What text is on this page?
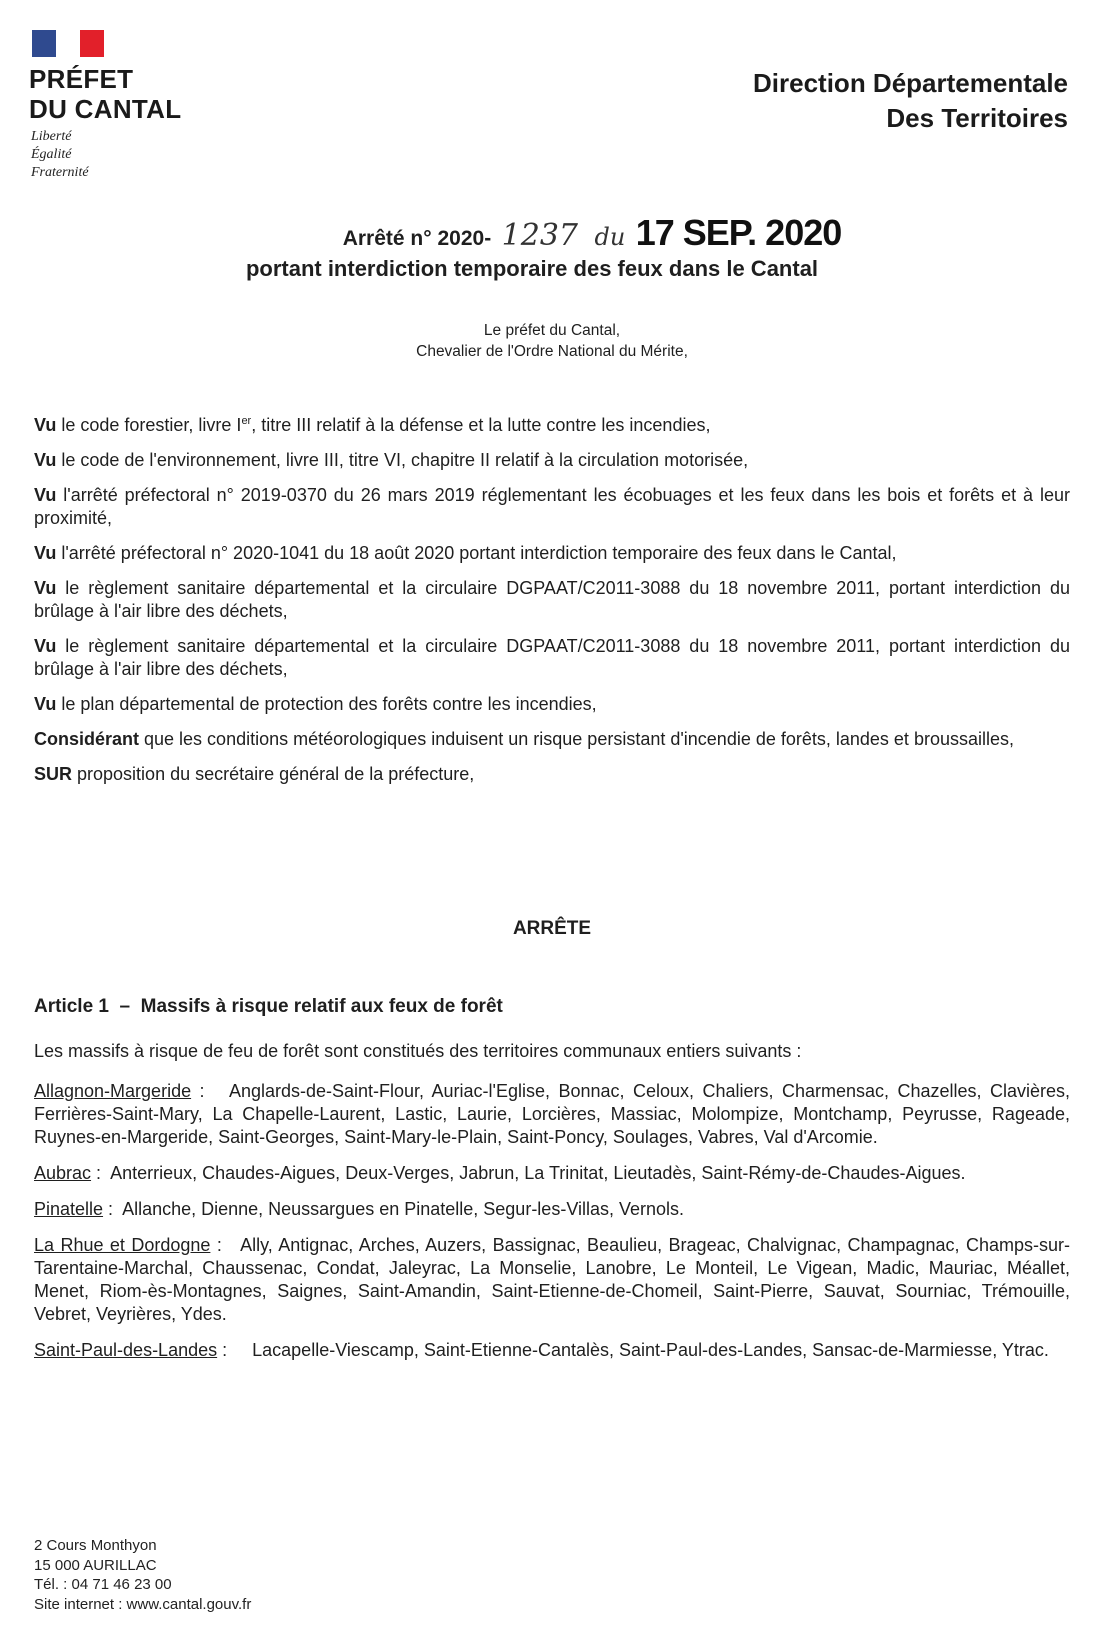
PRÉFET
DU CANTAL
Liberté
Égalité
Fraternité
Direction Départementale
Des Territoires
Arrêté n° 2020- 1237 du 17 SEP. 2020
portant interdiction temporaire des feux dans le Cantal
Le préfet du Cantal,
Chevalier de l'Ordre National du Mérite,

Vu le code forestier, livre Ier, titre III relatif à la défense et la lutte contre les incendies,

Vu le code de l'environnement, livre III, titre VI, chapitre II relatif à la circulation motorisée,

Vu l'arrêté préfectoral n° 2019-0370 du 26 mars 2019 réglementant les écobuages et les feux dans les bois et forêts et à leur proximité,

Vu l'arrêté préfectoral n° 2020-1041 du 18 août 2020 portant interdiction temporaire des feux dans le Cantal,

Vu le règlement sanitaire départemental et la circulaire DGPAAT/C2011-3088 du 18 novembre 2011, portant interdiction du brûlage à l'air libre des déchets,

Vu le règlement sanitaire départemental et la circulaire DGPAAT/C2011-3088 du 18 novembre 2011, portant interdiction du brûlage à l'air libre des déchets,

Vu le plan départemental de protection des forêts contre les incendies,

Considérant que les conditions météorologiques induisent un risque persistant d'incendie de forêts, landes et broussailles,

SUR proposition du secrétaire général de la préfecture,

ARRÊTE
Article 1  –  Massifs à risque relatif aux feux de forêt
Les massifs à risque de feu de forêt sont constitués des territoires communaux entiers suivants :

Allagnon-Margeride :   Anglards-de-Saint-Flour, Auriac-l'Eglise, Bonnac, Celoux, Chaliers, Charmensac, Chazelles, Clavières, Ferrières-Saint-Mary, La Chapelle-Laurent, Lastic, Laurie, Lorcières, Massiac, Molompize, Montchamp, Peyrusse, Rageade, Ruynes-en-Margeride, Saint-Georges, Saint-Mary-le-Plain, Saint-Poncy, Soulages, Vabres, Val d'Arcomie.

Aubrac :  Anterrieux, Chaudes-Aigues, Deux-Verges, Jabrun, La Trinitat, Lieutadès, Saint-Rémy-de-Chaudes-Aigues.

Pinatelle :  Allanche, Dienne, Neussargues en Pinatelle, Segur-les-Villas, Vernols.

La Rhue et Dordogne :   Ally, Antignac, Arches, Auzers, Bassignac, Beaulieu, Brageac, Chalvignac, Champagnac, Champs-sur-Tarentaine-Marchal, Chaussenac, Condat, Jaleyrac, La Monselie, Lanobre, Le Monteil, Le Vigean, Madic, Mauriac, Méallet, Menet, Riom-ès-Montagnes, Saignes, Saint-Amandin, Saint-Etienne-de-Chomeil, Saint-Pierre, Sauvat, Sourniac, Trémouille, Vebret, Veyrières, Ydes.

Saint-Paul-des-Landes :     Lacapelle-Viescamp, Saint-Etienne-Cantalès, Saint-Paul-des-Landes, Sansac-de-Marmiesse, Ytrac.

2 Cours Monthyon
15 000 AURILLAC
Tél. : 04 71 46 23 00
Site internet : www.cantal.gouv.fr
